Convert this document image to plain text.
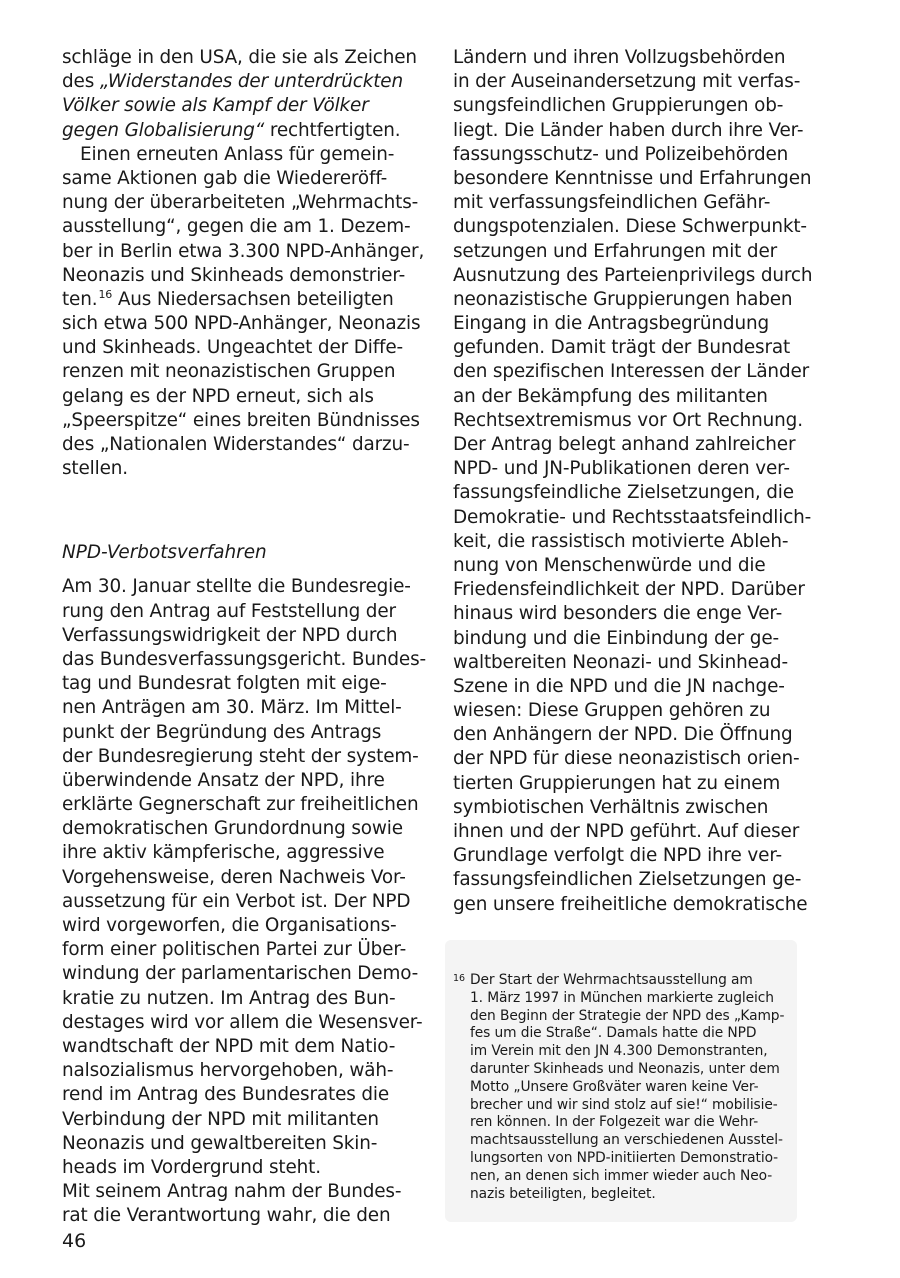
schläge in den USA, die sie als Zeichen
des „Widerstandes der unterdrückten
Völker sowie als Kampf der Völker
gegen Globalisierung“ rechtfertigten.
Einen erneuten Anlass für gemein-
same Aktionen gab die Wiedereröff-
nung der überarbeiteten „Wehrmachts-
ausstellung“, gegen die am 1. Dezem-
ber in Berlin etwa 3.300 NPD-Anhänger,
Neonazis und Skinheads demonstrier-
ten.$^{16}$ Aus Niedersachsen beteiligten
sich etwa 500 NPD-Anhänger, Neonazis
und Skinheads. Ungeachtet der Diffe-
renzen mit neonazistischen Gruppen
gelang es der NPD erneut, sich als
„Speerspitze“ eines breiten Bündnisses
des „Nationalen Widerstandes“ darzu-
stellen.
NPD-Verbotsverfahren
Am 30. Januar stellte die Bundesregie-
rung den Antrag auf Feststellung der
Verfassungswidrigkeit der NPD durch
das Bundesverfassungsgericht. Bundes-
tag und Bundesrat folgten mit eige-
nen Anträgen am 30. März. Im Mittel-
punkt der Begründung des Antrags
der Bundesregierung steht der system-
überwindende Ansatz der NPD, ihre
erklärte Gegnerschaft zur freiheitlichen
demokratischen Grundordnung sowie
ihre aktiv kämpferische, aggressive
Vorgehensweise, deren Nachweis Vor-
aussetzung für ein Verbot ist. Der NPD
wird vorgeworfen, die Organisations-
form einer politischen Partei zur Über-
windung der parlamentarischen Demo-
kratie zu nutzen. Im Antrag des Bun-
destages wird vor allem die Wesensver-
wandtschaft der NPD mit dem Natio-
nalsozialismus hervorgehoben, wäh-
rend im Antrag des Bundesrates die
Verbindung der NPD mit militanten
Neonazis und gewaltbereiten Skin-
heads im Vordergrund steht.
Mit seinem Antrag nahm der Bundes-
rat die Verantwortung wahr, die den
Ländern und ihren Vollzugsbehörden
in der Auseinandersetzung mit verfas-
sungsfeindlichen Gruppierungen ob-
liegt. Die Länder haben durch ihre Ver-
fassungsschutz- und Polizeibehörden
besondere Kenntnisse und Erfahrungen
mit verfassungsfeindlichen Gefähr-
dungspotenzialen. Diese Schwerpunkt-
setzungen und Erfahrungen mit der
Ausnutzung des Parteienprivilegs durch
neonazistische Gruppierungen haben
Eingang in die Antragsbegründung
gefunden. Damit trägt der Bundesrat
den spezifischen Interessen der Länder
an der Bekämpfung des militanten
Rechtsextremismus vor Ort Rechnung.
Der Antrag belegt anhand zahlreicher
NPD- und JN-Publikationen deren ver-
fassungsfeindliche Zielsetzungen, die
Demokratie- und Rechtsstaatsfeindlich-
keit, die rassistisch motivierte Ableh-
nung von Menschenwürde und die
Friedensfeindlichkeit der NPD. Darüber
hinaus wird besonders die enge Ver-
bindung und die Einbindung der ge-
waltbereiten Neonazi- und Skinhead-
Szene in die NPD und die JN nachge-
wiesen: Diese Gruppen gehören zu
den Anhängern der NPD. Die Öffnung
der NPD für diese neonazistisch orien-
tierten Gruppierungen hat zu einem
symbiotischen Verhältnis zwischen
ihnen und der NPD geführt. Auf dieser
Grundlage verfolgt die NPD ihre ver-
fassungsfeindlichen Zielsetzungen ge-
gen unsere freiheitliche demokratische
16 Der Start der Wehrmachtsausstellung am
1. März 1997 in München markierte zugleich
den Beginn der Strategie der NPD des „Kamp-
fes um die Straße“. Damals hatte die NPD
im Verein mit den JN 4.300 Demonstranten,
darunter Skinheads und Neonazis, unter dem
Motto „Unsere Großväter waren keine Ver-
brecher und wir sind stolz auf sie!“ mobilisie-
ren können. In der Folgezeit war die Wehr-
machtsausstellung an verschiedenen Ausstel-
lungsorten von NPD-initiierten Demonstratio-
nen, an denen sich immer wieder auch Neo-
nazis beteiligten, begleitet.
46
